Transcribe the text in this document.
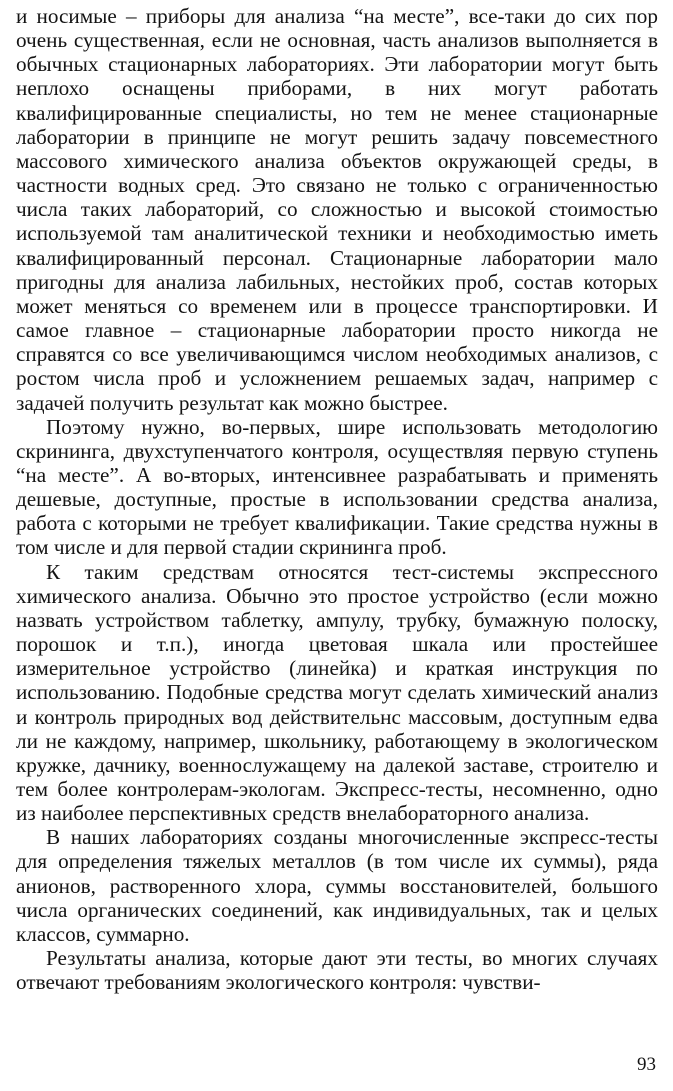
и носимые – приборы для анализа “на месте”, все-таки до сих пор очень существенная, если не основная, часть анализов выполняется в обычных стационарных лабораториях. Эти лаборатории могут быть неплохо оснащены приборами, в них могут работать квалифицированные специалисты, но тем не менее стационарные лаборатории в принципе не могут решить задачу повсеместного массового химического анализа объектов окружающей среды, в частности водных сред. Это связано не только с ограниченностью числа таких лабораторий, со сложностью и высокой стоимостью используемой там аналитической техники и необходимостью иметь квалифицированный персонал. Стационарные лаборатории мало пригодны для анализа лабильных, нестойких проб, состав которых может меняться со временем или в процессе транспортировки. И самое главное – стационарные лаборатории просто никогда не справятся со все увеличивающимся числом необходимых анализов, с ростом числа проб и усложнением решаемых задач, например с задачей получить результат как можно быстрее.

Поэтому нужно, во-первых, шире использовать методологию скрининга, двухступенчатого контроля, осуществляя первую ступень “на месте”. А во-вторых, интенсивнее разрабатывать и применять дешевые, доступные, простые в использовании средства анализа, работа с которыми не требует квалификации. Такие средства нужны в том числе и для первой стадии скрининга проб.

К таким средствам относятся тест-системы экспрессного химического анализа. Обычно это простое устройство (если можно назвать устройством таблетку, ампулу, трубку, бумажную полоску, порошок и т.п.), иногда цветовая шкала или простейшее измерительное устройство (линейка) и краткая инструкция по использованию. Подобные средства могут сделать химический анализ и контроль природных вод действительнс массовым, доступным едва ли не каждому, например, школьнику, работающему в экологическом кружке, дачнику, военнослужащему на далекой заставе, строителю и тем более контролерам-экологам. Экспресс-тесты, несомненно, одно из наиболее перспективных средств внелабораторного анализа.

В наших лабораториях созданы многочисленные экспресс-тесты для определения тяжелых металлов (в том числе их суммы), ряда анионов, растворенного хлора, суммы восстановителей, большого числа органических соединений, как индивидуальных, так и целых классов, суммарно.

Результаты анализа, которые дают эти тесты, во многих случаях отвечают требованиям экологического контроля: чувстви-

93
